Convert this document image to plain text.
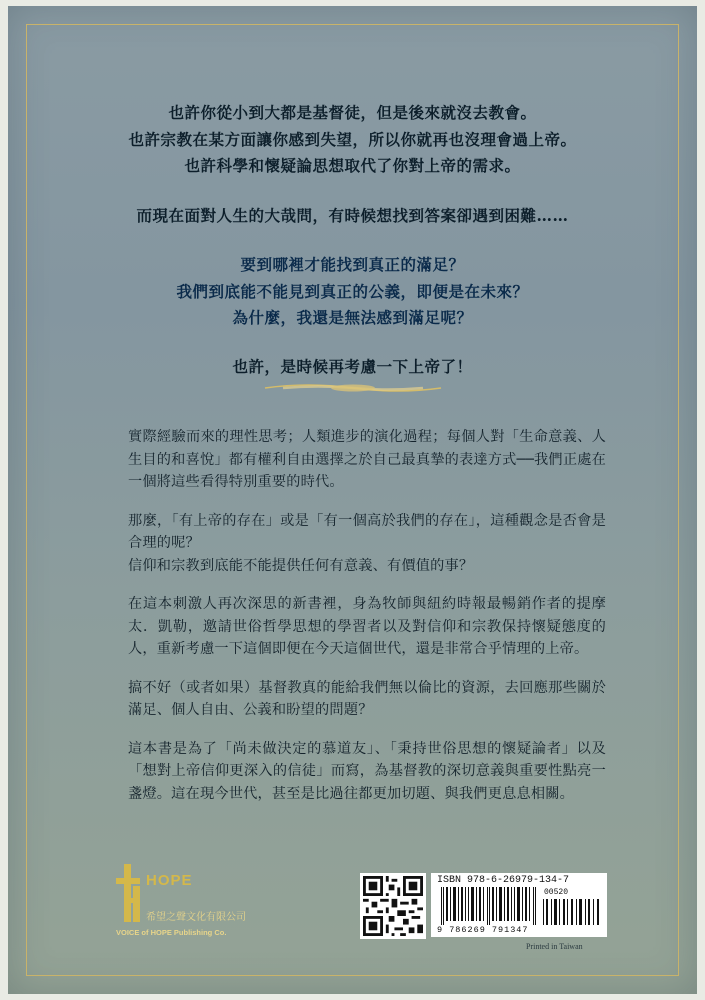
也許你從小到大都是基督徒，但是後來就沒去教會。

也許宗教在某方面讓你感到失望，所以你就再也沒理會過上帝。

也許科學和懷疑論思想取代了你對上帝的需求。

而現在面對人生的大哉問，有時候想找到答案卻遇到困難……

要到哪裡才能找到真正的滿足？

我們到底能不能見到真正的公義，即便是在未來？

為什麼，我還是無法感到滿足呢？

也許，是時候再考慮一下上帝了！

實際經驗而來的理性思考；人類進步的演化過程；每個人對「生命意義、人生目的和喜悅」都有權利自由選擇之於自己最真摯的表達方式──我們正處在一個將這些看得特別重要的時代。

那麼，「有上帝的存在」或是「有一個高於我們的存在」，這種觀念是否會是合理的呢？

信仰和宗教到底能不能提供任何有意義、有價值的事？

在這本刺激人再次深思的新書裡，身為牧師與紐約時報最暢銷作者的提摩太．凱勒，邀請世俗哲學思想的學習者以及對信仰和宗教保持懷疑態度的人，重新考慮一下這個即便在今天這個世代，還是非常合乎情理的上帝。

搞不好（或者如果）基督教真的能給我們無以倫比的資源，去回應那些關於滿足、個人自由、公義和盼望的問題？

這本書是為了「尚未做決定的慕道友」、「秉持世俗思想的懷疑論者」以及「想對上帝信仰更深入的信徒」而寫，為基督教的深切意義與重要性點亮一盞燈。這在現今世代，甚至是比過往都更加切題、與我們更息息相關。

HOPE
希望之聲文化有限公司
VOICE of HOPE Publishing Co.
ISBN 978-6-26979-134-7
00520
9 786269 791347
Printed in Taiwan
